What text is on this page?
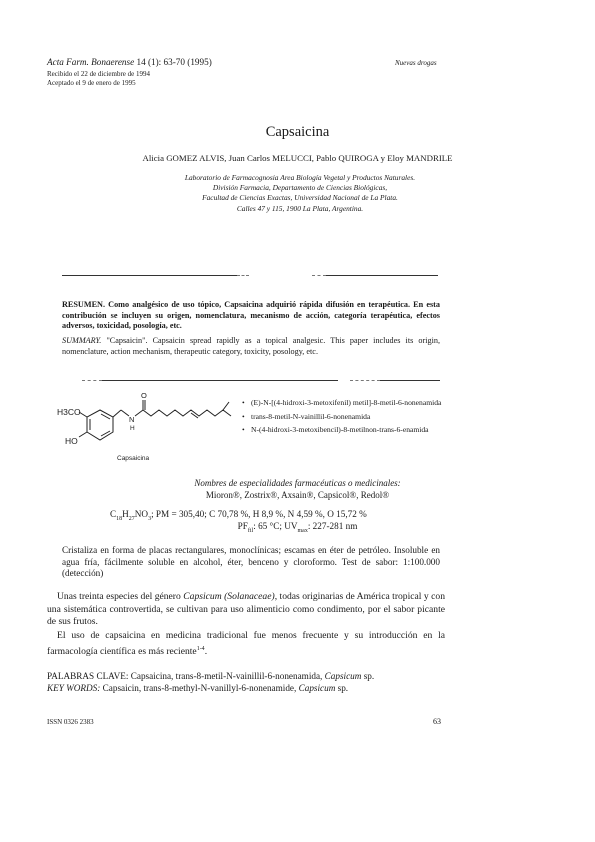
Acta Farm. Bonaerense 14 (1): 63-70 (1995)	Nuevas drogas
Recibido el 22 de diciembre de 1994
Aceptado el 9 de enero de 1995
Capsaicina
Alicia GOMEZ ALVIS, Juan Carlos MELUCCI, Pablo QUIROGA y Eloy MANDRILE
Laboratorio de Farmacognosia Area Biología Vegetal y Productos Naturales.
División Farmacia, Departamento de Ciencias Biológicas,
Facultad de Ciencias Exactas, Universidad Nacional de La Plata.
Calles 47 y 115, 1900 La Plata, Argentina.
RESUMEN. Como analgésico de uso tópico, Capsaicina adquirió rápida difusión en terapéutica. En esta contribución se incluyen su origen, nomenclatura, mecanismo de acción, categoría terapéutica, efectos adversos, toxicidad, posología, etc.
SUMMARY. "Capsaicin". Capsaicin spread rapidly as a topical analgesic. This paper includes its origin, nomenclature, action mechanism, therapeutic category, toxicity, posology, etc.
H3CO
HO
N
H
O
Capsaicina
• (E)-N-[(4-hidroxi-3-metoxifenil) metil]-8-metil-6-nonenamida
• trans-8-metil-N-vainillil-6-nonenamida
• N-(4-hidroxi-3-metoxibencil)-8-metilnon-trans-6-enamida
Nombres de especialidades farmacéuticas o medicinales:
Mioron®, Zostrix®, Axsain®, Capsicol®, Redol®
$C_{18}H_{27}NO_3$; PM = 305,40; C 70,78 %, H 8,9 %, N 4,59 %, O 15,72 %
$PF_{fil}$: 65 °C; $UV_{max}$: 227-281 nm
Cristaliza en forma de placas rectangulares, monoclínicas; escamas en éter de petróleo. Insoluble en agua fría, fácilmente soluble en alcohol, éter, benceno y cloroformo. Test de sabor: 1:100.000 (detección)
Unas treinta especies del género Capsicum (Solanaceae), todas originarias de América tropical y con una sistemática controvertida, se cultivan para uso alimenticio como condimento, por el sabor picante de sus frutos.
El uso de capsaicina en medicina tradicional fue menos frecuente y su introducción en la farmacología científica es más reciente$^{1-4}$.
PALABRAS CLAVE: Capsaicina, trans-8-metil-N-vainillil-6-nonenamida, Capsicum sp.
KEY WORDS: Capsaicin, trans-8-methyl-N-vanillyl-6-nonenamide, Capsicum sp.
ISSN 0326 2383	63
